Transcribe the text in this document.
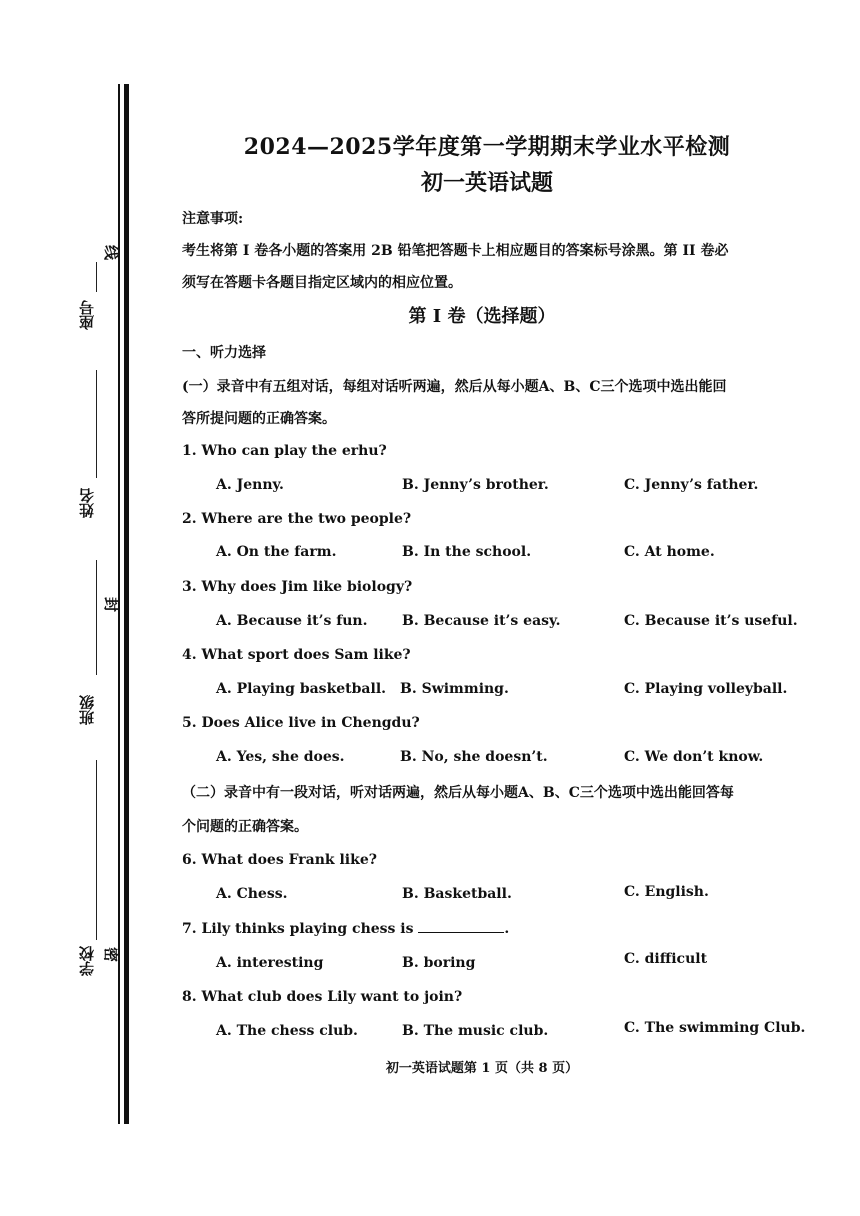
线
座号
姓名
封
班级
密
学校
2024—2025学年度第一学期期末学业水平检测
初一英语试题
注意事项:
考生将第 I 卷各小题的答案用 2B 铅笔把答题卡上相应题目的答案标号涂黑。第 II 卷必
须写在答题卡各题目指定区域内的相应位置。
第 I 卷（选择题）
一、听力选择
(一）录音中有五组对话，每组对话听两遍，然后从每小题A、B、C三个选项中选出能回
答所提问题的正确答案。
1. Who can play the erhu?
A. Jenny.	B. Jenny’s brother.	C. Jenny’s father.
2. Where are the two people?
A. On the farm.	B. In the school.	C. At home.
3. Why does Jim like biology?
A. Because it’s fun. B. Because it’s easy.	C. Because it’s useful.
4. What sport does Sam like?
A. Playing basketball. B. Swimming.	C. Playing volleyball.
5. Does Alice live in Chengdu?
A. Yes, she does.	B. No, she doesn’t.	C. We don’t know.
（二）录音中有一段对话，听对话两遍，然后从每小题A、B、C三个选项中选出能回答每
个问题的正确答案。
6. What does Frank like?
A. Chess.	B. Basketball.	C. English.
7. Lily thinks playing chess is	.
A. interesting	B. boring	C. difficult
8. What club does Lily want to join?
A. The chess club.	B. The music club.	C. The swimming Club.
初一英语试题第 1 页（共 8 页）
